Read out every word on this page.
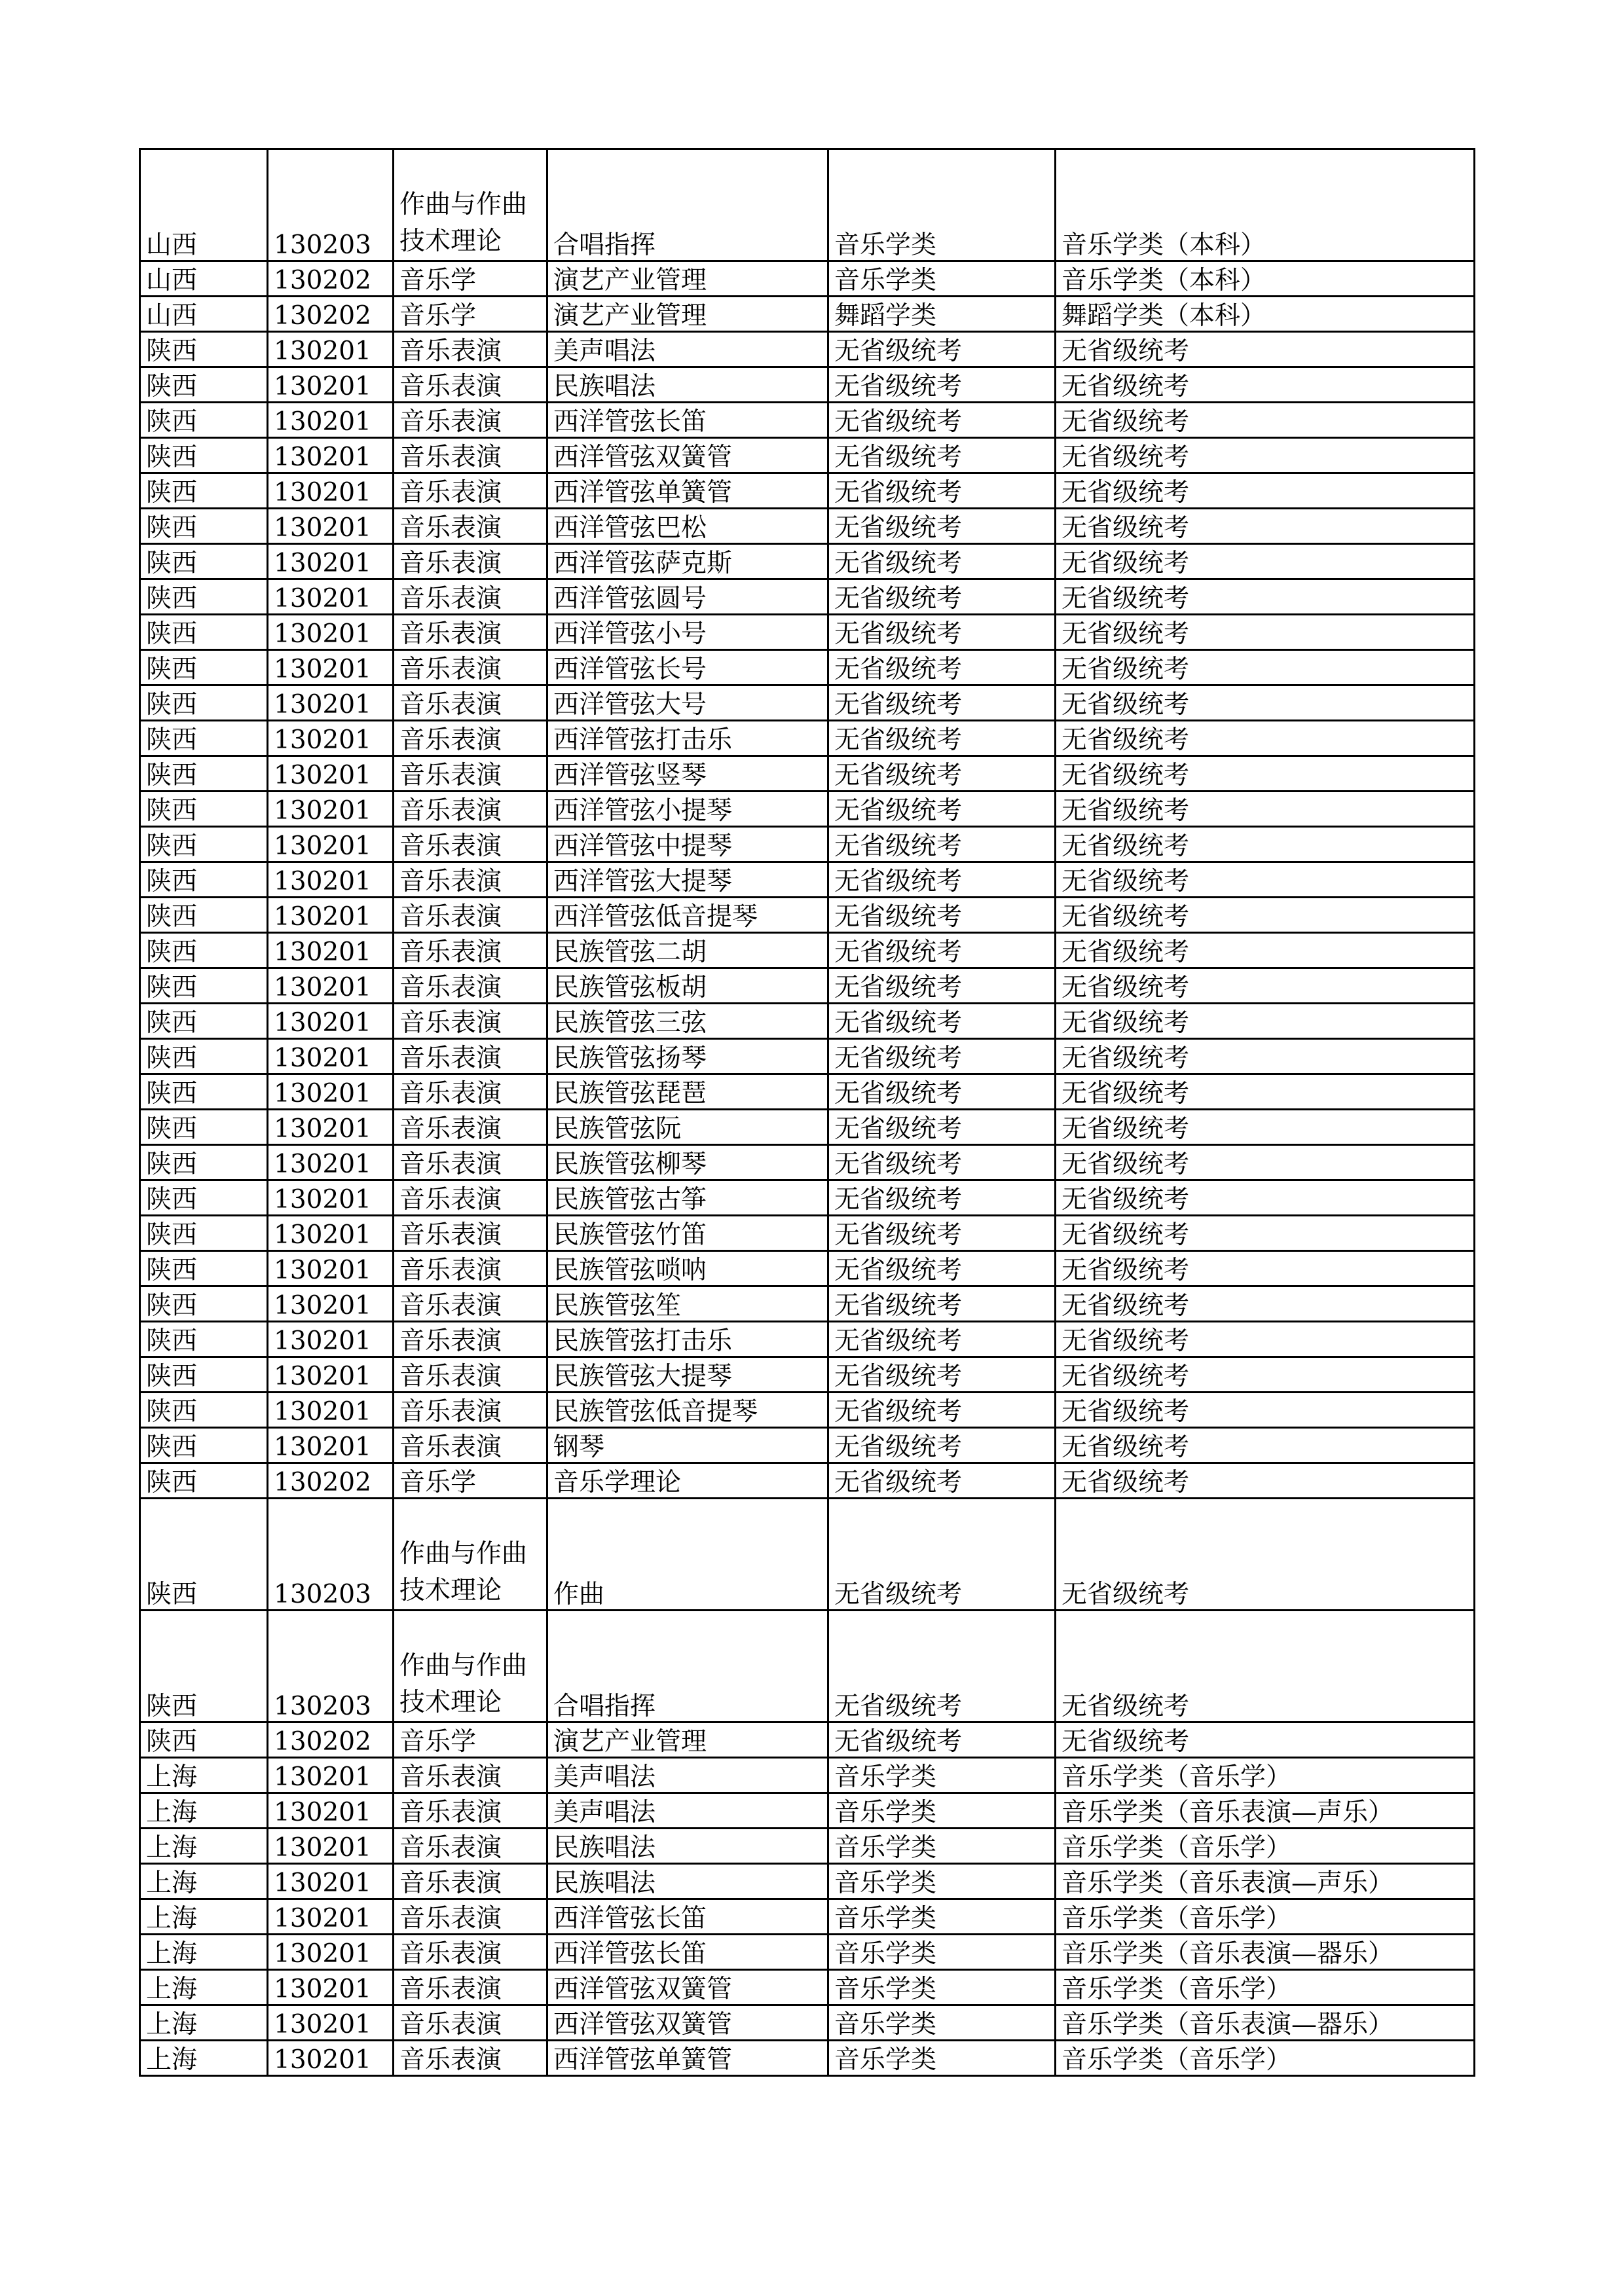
山西	130203	作曲与作曲技术理论	合唱指挥	音乐学类	音乐学类（本科）
山西	130202	音乐学	演艺产业管理	音乐学类	音乐学类（本科）
山西	130202	音乐学	演艺产业管理	舞蹈学类	舞蹈学类（本科）
陕西	130201	音乐表演	美声唱法	无省级统考	无省级统考
陕西	130201	音乐表演	民族唱法	无省级统考	无省级统考
陕西	130201	音乐表演	西洋管弦长笛	无省级统考	无省级统考
陕西	130201	音乐表演	西洋管弦双簧管	无省级统考	无省级统考
陕西	130201	音乐表演	西洋管弦单簧管	无省级统考	无省级统考
陕西	130201	音乐表演	西洋管弦巴松	无省级统考	无省级统考
陕西	130201	音乐表演	西洋管弦萨克斯	无省级统考	无省级统考
陕西	130201	音乐表演	西洋管弦圆号	无省级统考	无省级统考
陕西	130201	音乐表演	西洋管弦小号	无省级统考	无省级统考
陕西	130201	音乐表演	西洋管弦长号	无省级统考	无省级统考
陕西	130201	音乐表演	西洋管弦大号	无省级统考	无省级统考
陕西	130201	音乐表演	西洋管弦打击乐	无省级统考	无省级统考
陕西	130201	音乐表演	西洋管弦竖琴	无省级统考	无省级统考
陕西	130201	音乐表演	西洋管弦小提琴	无省级统考	无省级统考
陕西	130201	音乐表演	西洋管弦中提琴	无省级统考	无省级统考
陕西	130201	音乐表演	西洋管弦大提琴	无省级统考	无省级统考
陕西	130201	音乐表演	西洋管弦低音提琴	无省级统考	无省级统考
陕西	130201	音乐表演	民族管弦二胡	无省级统考	无省级统考
陕西	130201	音乐表演	民族管弦板胡	无省级统考	无省级统考
陕西	130201	音乐表演	民族管弦三弦	无省级统考	无省级统考
陕西	130201	音乐表演	民族管弦扬琴	无省级统考	无省级统考
陕西	130201	音乐表演	民族管弦琵琶	无省级统考	无省级统考
陕西	130201	音乐表演	民族管弦阮	无省级统考	无省级统考
陕西	130201	音乐表演	民族管弦柳琴	无省级统考	无省级统考
陕西	130201	音乐表演	民族管弦古筝	无省级统考	无省级统考
陕西	130201	音乐表演	民族管弦竹笛	无省级统考	无省级统考
陕西	130201	音乐表演	民族管弦唢呐	无省级统考	无省级统考
陕西	130201	音乐表演	民族管弦笙	无省级统考	无省级统考
陕西	130201	音乐表演	民族管弦打击乐	无省级统考	无省级统考
陕西	130201	音乐表演	民族管弦大提琴	无省级统考	无省级统考
陕西	130201	音乐表演	民族管弦低音提琴	无省级统考	无省级统考
陕西	130201	音乐表演	钢琴	无省级统考	无省级统考
陕西	130202	音乐学	音乐学理论	无省级统考	无省级统考
陕西	130203	作曲与作曲技术理论	作曲	无省级统考	无省级统考
陕西	130203	作曲与作曲技术理论	合唱指挥	无省级统考	无省级统考
陕西	130202	音乐学	演艺产业管理	无省级统考	无省级统考
上海	130201	音乐表演	美声唱法	音乐学类	音乐学类（音乐学）
上海	130201	音乐表演	美声唱法	音乐学类	音乐学类（音乐表演—声乐）
上海	130201	音乐表演	民族唱法	音乐学类	音乐学类（音乐学）
上海	130201	音乐表演	民族唱法	音乐学类	音乐学类（音乐表演—声乐）
上海	130201	音乐表演	西洋管弦长笛	音乐学类	音乐学类（音乐学）
上海	130201	音乐表演	西洋管弦长笛	音乐学类	音乐学类（音乐表演—器乐）
上海	130201	音乐表演	西洋管弦双簧管	音乐学类	音乐学类（音乐学）
上海	130201	音乐表演	西洋管弦双簧管	音乐学类	音乐学类（音乐表演—器乐）
上海	130201	音乐表演	西洋管弦单簧管	音乐学类	音乐学类（音乐学）
